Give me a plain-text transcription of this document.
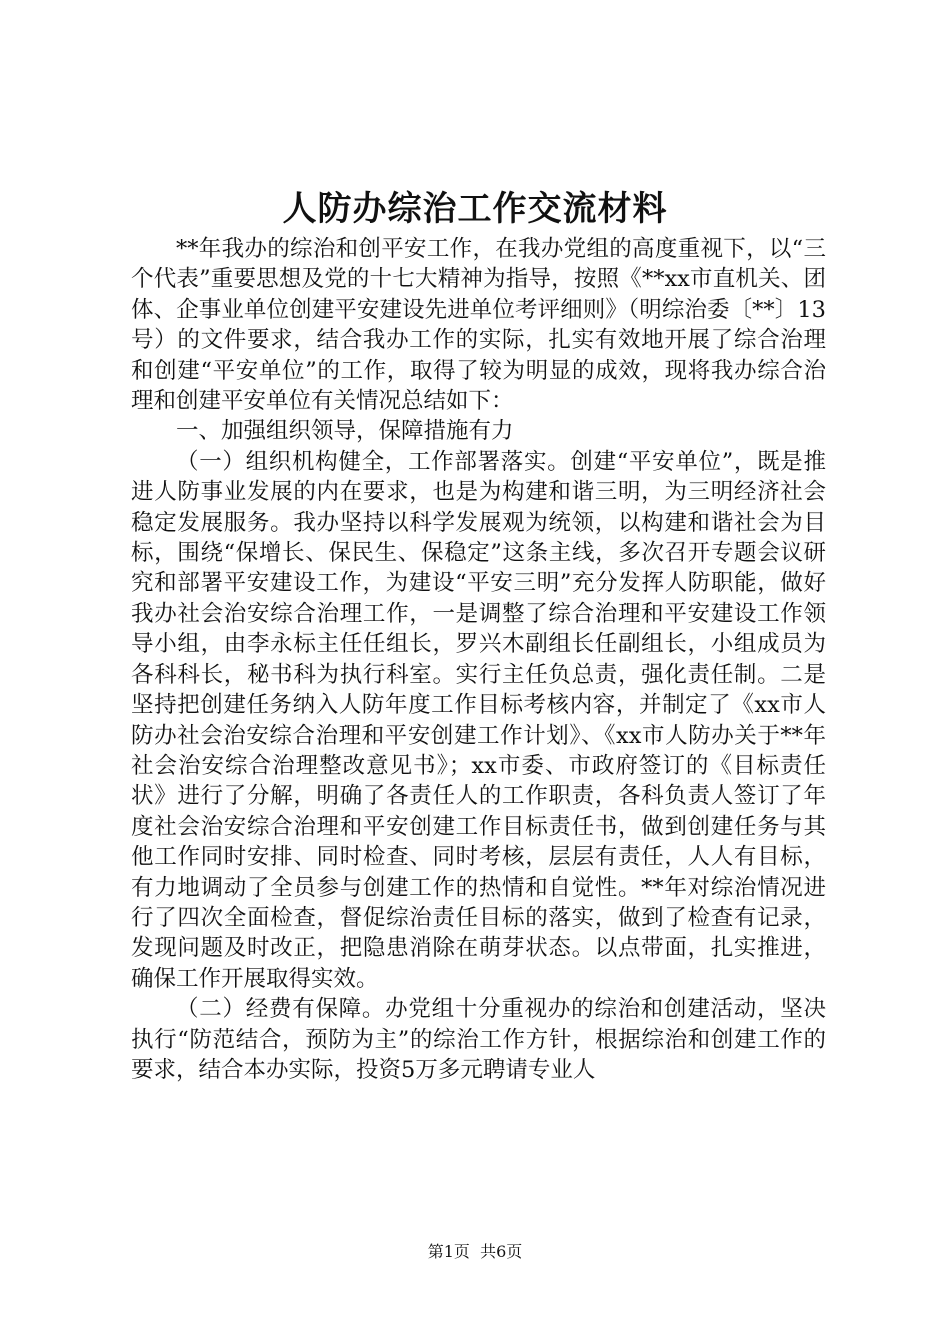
人防办综治工作交流材料

**年我办的综治和创平安工作，在我办党组的高度重视下，以“三个代表”重要思想及党的十七大精神为指导，按照《**xx市直机关、团体、企事业单位创建平安建设先进单位考评细则》（明综治委〔**〕13号）的文件要求，结合我办工作的实际，扎实有效地开展了综合治理和创建“平安单位”的工作，取得了较为明显的成效，现将我办综合治理和创建平安单位有关情况总结如下：

一、加强组织领导，保障措施有力

（一）组织机构健全，工作部署落实。创建“平安单位”，既是推进人防事业发展的内在要求，也是为构建和谐三明，为三明经济社会稳定发展服务。我办坚持以科学发展观为统领，以构建和谐社会为目标，围绕“保增长、保民生、保稳定”这条主线，多次召开专题会议研究和部署平安建设工作，为建设“平安三明”充分发挥人防职能，做好我办社会治安综合治理工作，一是调整了综合治理和平安建设工作领导小组，由李永标主任任组长，罗兴木副组长任副组长，小组成员为各科科长，秘书科为执行科室。实行主任负总责，强化责任制。二是坚持把创建任务纳入人防年度工作目标考核内容，并制定了《xx市人防办社会治安综合治理和平安创建工作计划》、《xx市人防办关于**年社会治安综合治理整改意见书》；xx市委、市政府签订的《目标责任状》进行了分解，明确了各责任人的工作职责，各科负责人签订了年度社会治安综合治理和平安创建工作目标责任书，做到创建任务与其他工作同时安排、同时检查、同时考核，层层有责任，人人有目标，有力地调动了全员参与创建工作的热情和自觉性。**年对综治情况进行了四次全面检查，督促综治责任目标的落实，做到了检查有记录，发现问题及时改正，把隐患消除在萌芽状态。以点带面，扎实推进，确保工作开展取得实效。

（二）经费有保障。办党组十分重视办的综治和创建活动，坚决执行“防范结合，预防为主”的综治工作方针，根据综治和创建工作的要求，结合本办实际，投资5万多元聘请专业人

第1页 共6页
